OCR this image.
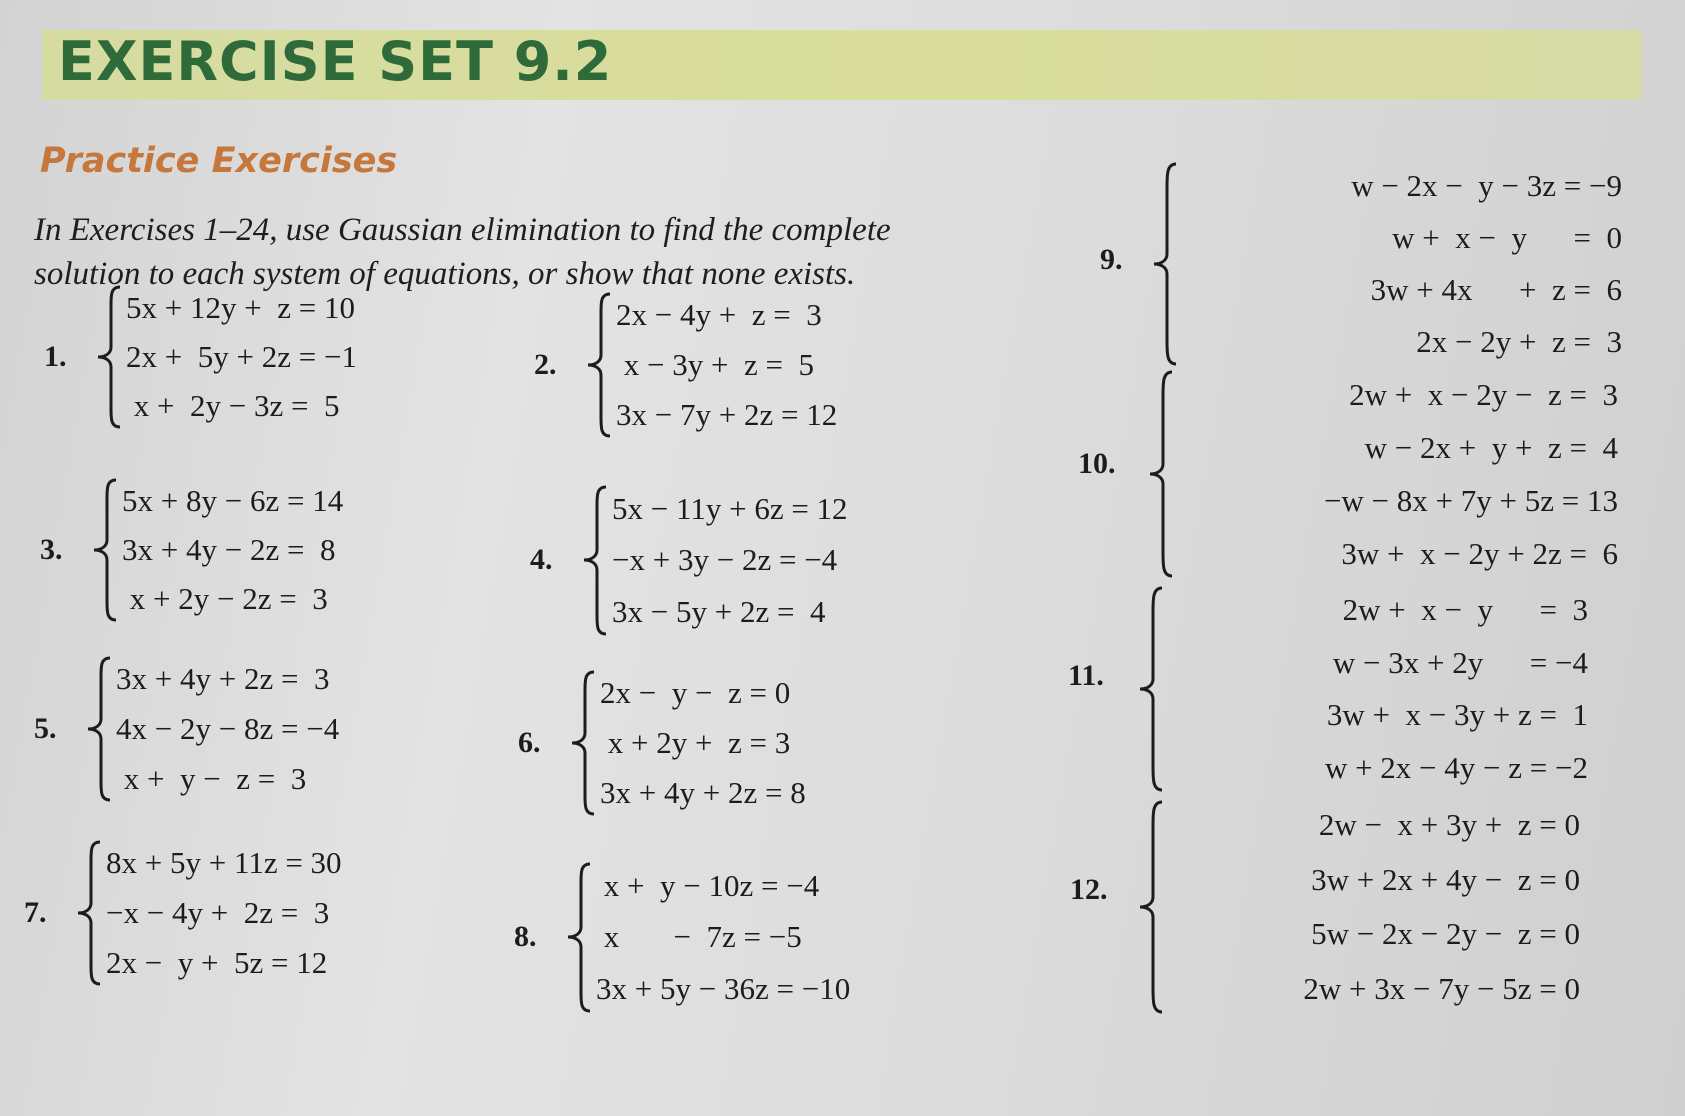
EXERCISE SET 9.2
Practice Exercises
In Exercises 1–24, use Gaussian elimination to find the complete
solution to each system of equations, or show that none exists.
1.
5x + 12y +  z = 10
2x +  5y + 2z = −1
x +  2y − 3z =  5
2.
2x − 4y +  z =  3
x − 3y +  z =  5
3x − 7y + 2z = 12
3.
5x + 8y − 6z = 14
3x + 4y − 2z =  8
x + 2y − 2z =  3
4.
5x − 11y + 6z = 12
−x + 3y − 2z = −4
3x − 5y + 2z =  4
5.
3x + 4y + 2z =  3
4x − 2y − 8z = −4
x +  y −  z =  3
6.
2x −  y −  z = 0
x + 2y +  z = 3
3x + 4y + 2z = 8
7.
8x + 5y + 11z = 30
−x − 4y +  2z =  3
2x −  y +  5z = 12
8.
x +  y − 10z = −4
x       −  7z = −5
3x + 5y − 36z = −10
9.
w − 2x −  y − 3z = −9
w +  x −  y      =  0
3w + 4x      +  z =  6
2x − 2y +  z =  3
10.
2w +  x − 2y −  z =  3
w − 2x +  y +  z =  4
−w − 8x + 7y + 5z = 13
3w +  x − 2y + 2z =  6
11.
2w +  x −  y      =  3
w − 3x + 2y      = −4
3w +  x − 3y + z =  1
w + 2x − 4y − z = −2
12.
2w −  x + 3y +  z = 0
3w + 2x + 4y −  z = 0
5w − 2x − 2y −  z = 0
2w + 3x − 7y − 5z = 0
